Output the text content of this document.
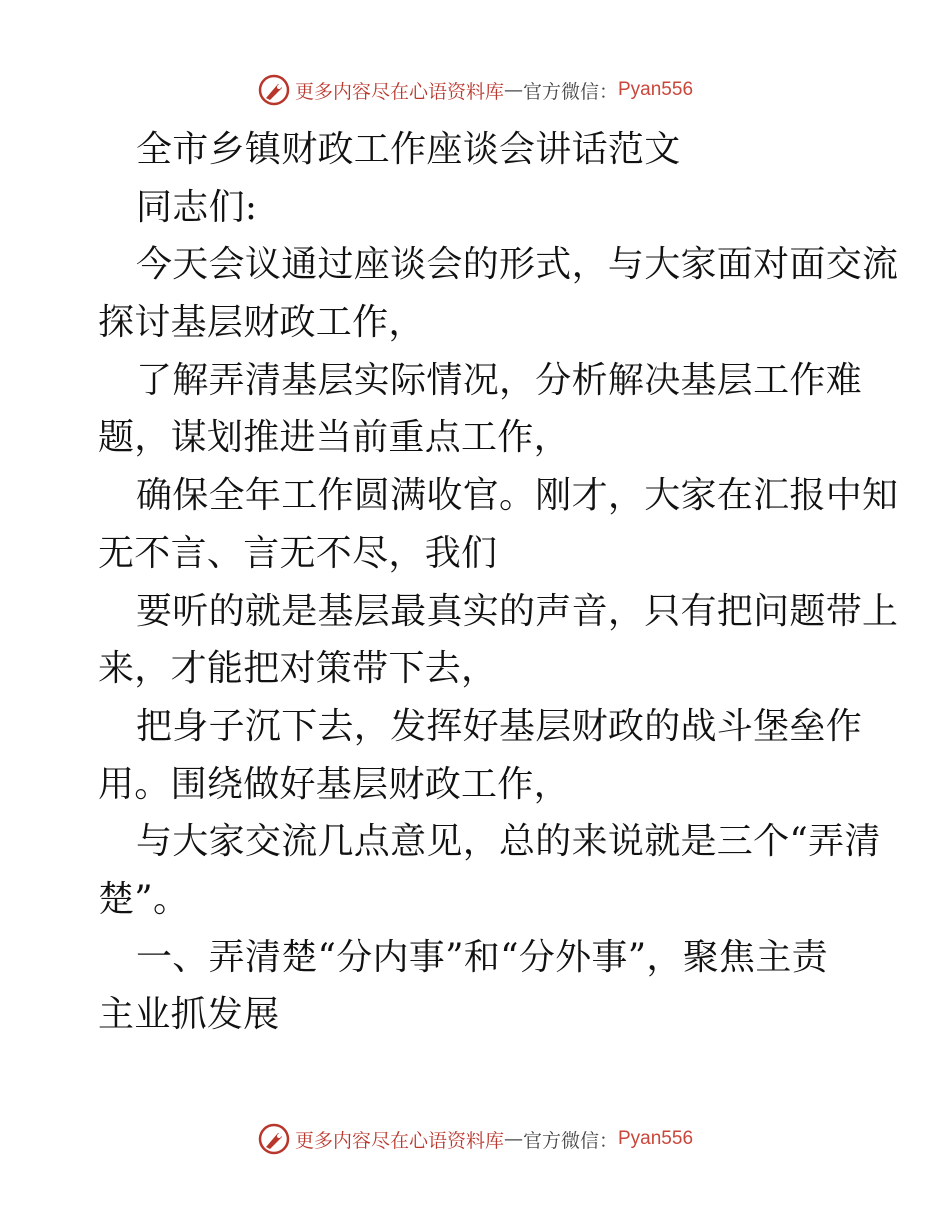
更多内容尽在心语资料库 — 官方微信： Pyan556
全市乡镇财政工作座谈会讲话范文
同志们:
今天会议通过座谈会的形式，与大家面对面交流
探讨基层财政工作，
了解弄清基层实际情况，分析解决基层工作难
题，谋划推进当前重点工作，
确保全年工作圆满收官。刚才，大家在汇报中知
无不言、言无不尽，我们
要听的就是基层最真实的声音，只有把问题带上
来，才能把对策带下去，
把身子沉下去，发挥好基层财政的战斗堡垒作
用。围绕做好基层财政工作，
与大家交流几点意见，总的来说就是三个“弄清
楚”。
一、弄清楚“分内事”和“分外事”，聚焦主责
主业抓发展
更多内容尽在心语资料库 — 官方微信： Pyan556
